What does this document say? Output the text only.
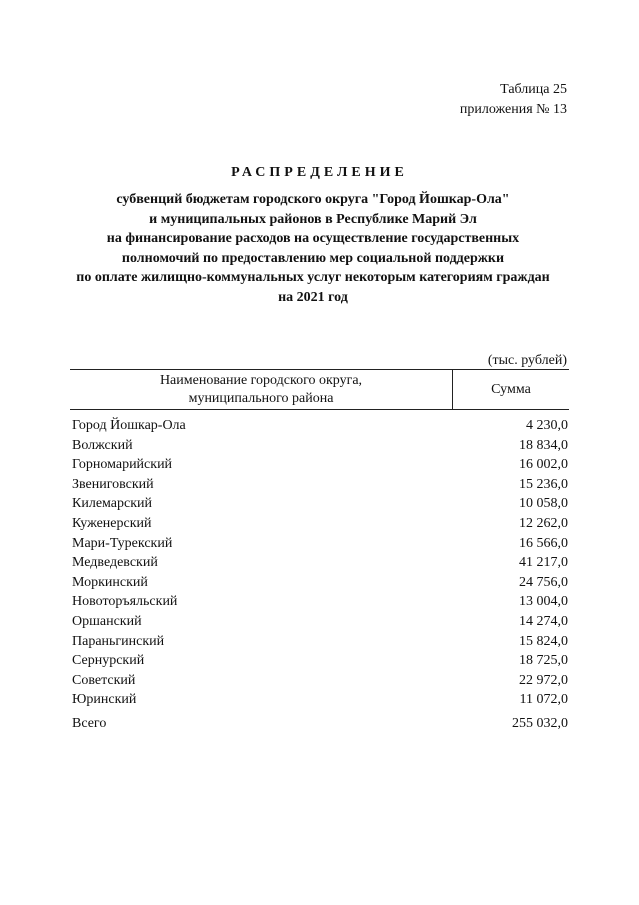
Таблица 25
приложения № 13
РАСПРЕДЕЛЕНИЕ
субвенций бюджетам городского округа "Город Йошкар-Ола"
и муниципальных районов в Республике Марий Эл
на финансирование расходов на осуществление государственных
полномочий по предоставлению мер социальной поддержки
по оплате жилищно-коммунальных услуг некоторым категориям граждан
на 2021 год
(тыс. рублей)
Наименование городского округа,
муниципального района
Сумма
Город Йошкар-Ола	4 230,0
Волжский	18 834,0
Горномарийский	16 002,0
Звениговский	15 236,0
Килемарский	10 058,0
Куженерский	12 262,0
Мари-Турекский	16 566,0
Медведевский	41 217,0
Моркинский	24 756,0
Новоторъяльский	13 004,0
Оршанский	14 274,0
Параньгинский	15 824,0
Сернурский	18 725,0
Советский	22 972,0
Юринский	11 072,0
Всего	255 032,0
